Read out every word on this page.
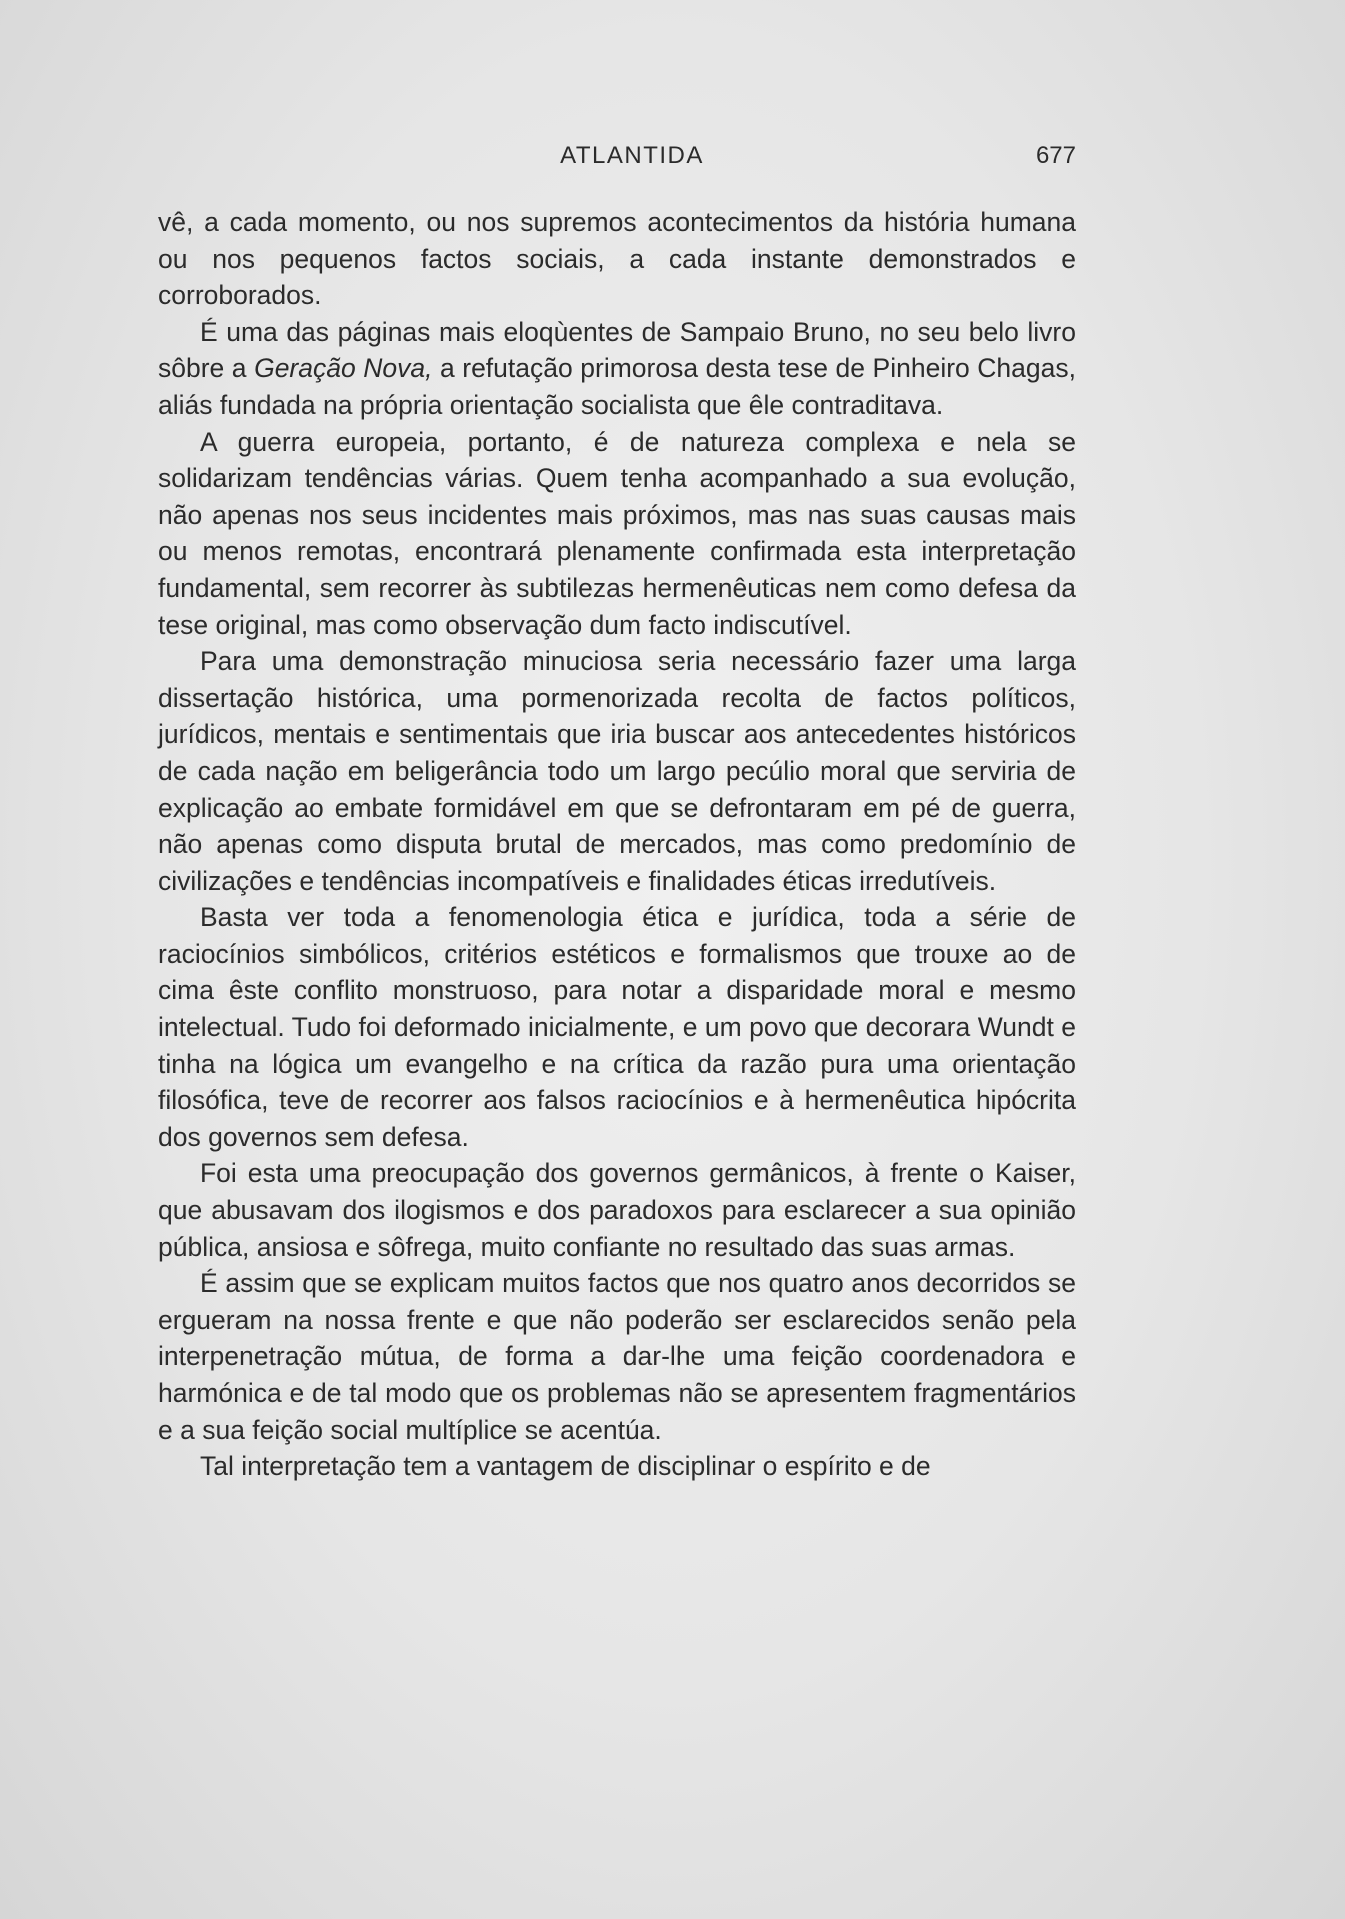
ATLANTIDA	677

vê, a cada momento, ou nos supremos acontecimentos da história humana ou nos pequenos factos sociais, a cada instante demonstrados e corroborados.

É uma das páginas mais eloqùentes de Sampaio Bruno, no seu belo livro sôbre a Geração Nova, a refutação primorosa desta tese de Pinheiro Chagas, aliás fundada na própria orientação socialista que êle contraditava.

A guerra europeia, portanto, é de natureza complexa e nela se solidarizam tendências várias. Quem tenha acompanhado a sua evolução, não apenas nos seus incidentes mais próximos, mas nas suas causas mais ou menos remotas, encontrará plenamente confirmada esta interpretação fundamental, sem recorrer às subtilezas hermenêuticas nem como defesa da tese original, mas como observação dum facto indiscutível.

Para uma demonstração minuciosa seria necessário fazer uma larga dissertação histórica, uma pormenorizada recolta de factos políticos, jurídicos, mentais e sentimentais que iria buscar aos antecedentes históricos de cada nação em beligerância todo um largo pecúlio moral que serviria de explicação ao embate formidável em que se defrontaram em pé de guerra, não apenas como disputa brutal de mercados, mas como predomínio de civilizações e tendências incompatíveis e finalidades éticas irredutíveis.

Basta ver toda a fenomenologia ética e jurídica, toda a série de raciocínios simbólicos, critérios estéticos e formalismos que trouxe ao de cima êste conflito monstruoso, para notar a disparidade moral e mesmo intelectual. Tudo foi deformado inicialmente, e um povo que decorara Wundt e tinha na lógica um evangelho e na crítica da razão pura uma orientação filosófica, teve de recorrer aos falsos raciocínios e à hermenêutica hipócrita dos governos sem defesa.

Foi esta uma preocupação dos governos germânicos, à frente o Kaiser, que abusavam dos ilogismos e dos paradoxos para esclarecer a sua opinião pública, ansiosa e sôfrega, muito confiante no resultado das suas armas.

É assim que se explicam muitos factos que nos quatro anos decorridos se ergueram na nossa frente e que não poderão ser esclarecidos senão pela interpenetração mútua, de forma a dar-lhe uma feição coordenadora e harmónica e de tal modo que os problemas não se apresentem fragmentários e a sua feição social multíplice se acentúa.

Tal interpretação tem a vantagem de disciplinar o espírito e de
